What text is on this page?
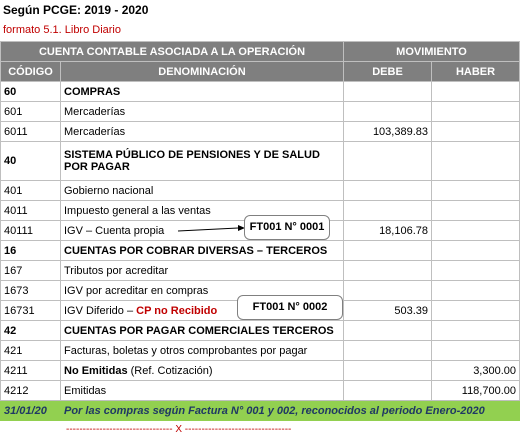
Según PCGE: 2019 - 2020
formato 5.1. Libro Diario
CUENTA CONTABLE ASOCIADA A LA OPERACIÓN		MOVIMIENTO	
CÓDIGO	DENOMINACIÓN	DEBE	HABER
60	COMPRAS		
601	Mercaderías		
6011	Mercaderías	103,389.83	
40	SISTEMA PÚBLICO DE PENSIONES Y DE SALUD POR PAGAR		
401	Gobierno nacional		
4011	Impuesto general a las ventas		
40111	IGV – Cuenta propia	18,106.78	
16	CUENTAS POR COBRAR DIVERSAS – TERCEROS		
167	Tributos por acreditar		
1673	IGV por acreditar en compras		
16731	IGV Diferido – CP no Recibido	503.39	
42	CUENTAS POR PAGAR COMERCIALES TERCEROS		
421	Facturas, boletas y otros comprobantes por pagar		
4211	No Emitidas (Ref. Cotización)		3,300.00
4212	Emitidas		118,700.00
31/01/20	Por las compras según Factura N° 001 y 002, reconocidos al periodo Enero-2020		
FT001 N° 0001
FT001 N° 0002
-------------------------------- X --------------------------------
